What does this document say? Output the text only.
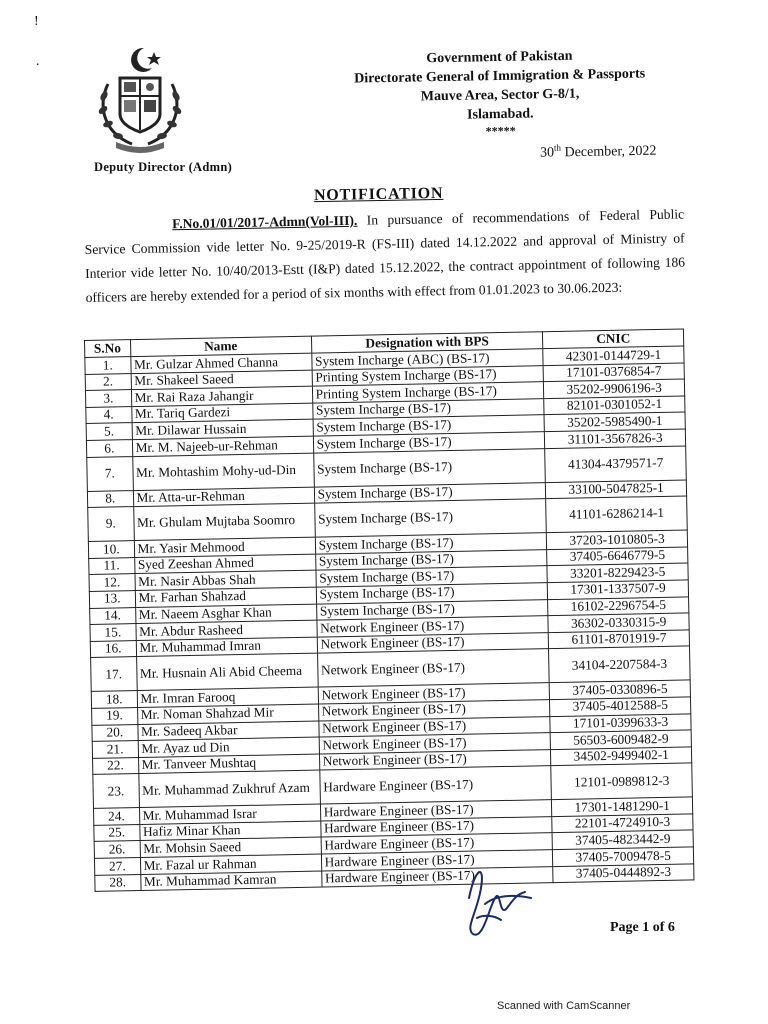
!
.
Deputy Director (Admn)
Government of Pakistan
Directorate General of Immigration & Passports
Mauve Area, Sector G-8/1,
Islamabad.
*****
30th December, 2022
NOTIFICATION
F.No.01/01/2017-Admn(Vol-III). In pursuance of recommendations of Federal Public Service Commission vide letter No. 9-25/2019-R (FS-III) dated 14.12.2022 and approval of Ministry of Interior vide letter No. 10/40/2013-Estt (I&P) dated 15.12.2022, the contract appointment of following 186 officers are hereby extended for a period of six months with effect from 01.01.2023 to 30.06.2023:
S.No	Name	Designation with BPS	CNIC
1.	Mr. Gulzar Ahmed Channa	System Incharge (ABC) (BS-17)	42301-0144729-1
2.	Mr. Shakeel Saeed	Printing System Incharge (BS-17)	17101-0376854-7
3.	Mr. Rai Raza Jahangir	Printing System Incharge (BS-17)	35202-9906196-3
4.	Mr. Tariq Gardezi	System Incharge (BS-17)	82101-0301052-1
5.	Mr. Dilawar Hussain	System Incharge (BS-17)	35202-5985490-1
6.	Mr. M. Najeeb-ur-Rehman	System Incharge (BS-17)	31101-3567826-3
7.	Mr. Mohtashim Mohy-ud-Din	System Incharge (BS-17)	41304-4379571-7
8.	Mr. Atta-ur-Rehman	System Incharge (BS-17)	33100-5047825-1
9.	Mr. Ghulam Mujtaba Soomro	System Incharge (BS-17)	41101-6286214-1
10.	Mr. Yasir Mehmood	System Incharge (BS-17)	37203-1010805-3
11.	Syed Zeeshan Ahmed	System Incharge (BS-17)	37405-6646779-5
12.	Mr. Nasir Abbas Shah	System Incharge (BS-17)	33201-8229423-5
13.	Mr. Farhan Shahzad	System Incharge (BS-17)	17301-1337507-9
14.	Mr. Naeem Asghar Khan	System Incharge (BS-17)	16102-2296754-5
15.	Mr. Abdur Rasheed	Network Engineer (BS-17)	36302-0330315-9
16.	Mr. Muhammad Imran	Network Engineer (BS-17)	61101-8701919-7
17.	Mr. Husnain Ali Abid Cheema	Network Engineer (BS-17)	34104-2207584-3
18.	Mr. Imran Farooq	Network Engineer (BS-17)	37405-0330896-5
19.	Mr. Noman Shahzad Mir	Network Engineer (BS-17)	37405-4012588-5
20.	Mr. Sadeeq Akbar	Network Engineer (BS-17)	17101-0399633-3
21.	Mr. Ayaz ud Din	Network Engineer (BS-17)	56503-6009482-9
22.	Mr. Tanveer Mushtaq	Network Engineer (BS-17)	34502-9499402-1
23.	Mr. Muhammad Zukhruf Azam	Hardware Engineer (BS-17)	12101-0989812-3
24.	Mr. Muhammad Israr	Hardware Engineer (BS-17)	17301-1481290-1
25.	Hafiz Minar Khan	Hardware Engineer (BS-17)	22101-4724910-3
26.	Mr. Mohsin Saeed	Hardware Engineer (BS-17)	37405-4823442-9
27.	Mr. Fazal ur Rahman	Hardware Engineer (BS-17)	37405-7009478-5
28.	Mr. Muhammad Kamran	Hardware Engineer (BS-17)	37405-0444892-3
Page 1 of 6
Scanned with CamScanner
